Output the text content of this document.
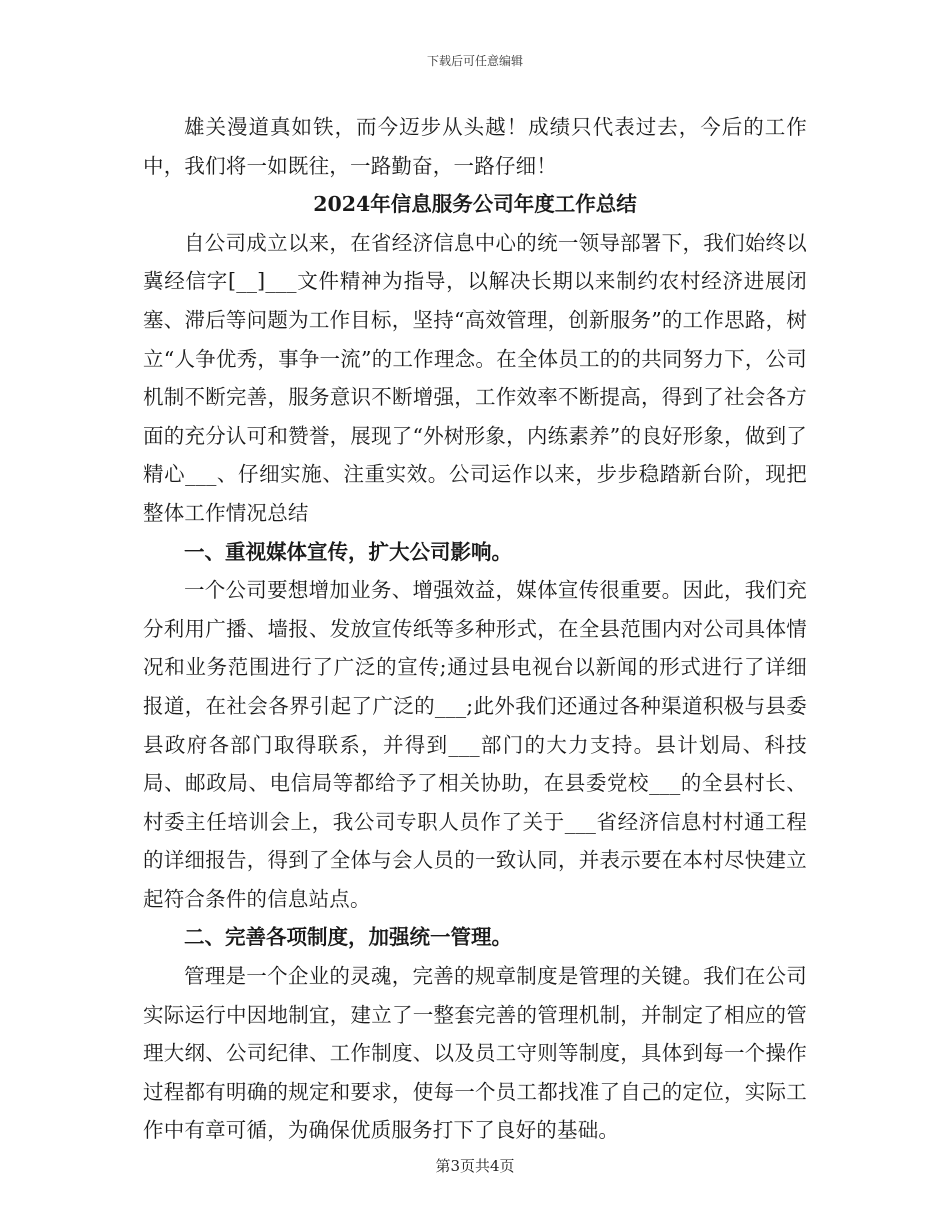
下载后可任意编辑

雄关漫道真如铁，而今迈步从头越！成绩只代表过去，今后的工作中，我们将一如既往，一路勤奋，一路仔细！

2024年信息服务公司年度工作总结

自公司成立以来，在省经济信息中心的统一领导部署下，我们始终以冀经信字[__]___文件精神为指导，以解决长期以来制约农村经济进展闭塞、滞后等问题为工作目标，坚持“高效管理，创新服务”的工作思路，树立“人争优秀，事争一流”的工作理念。在全体员工的的共同努力下，公司机制不断完善，服务意识不断增强，工作效率不断提高，得到了社会各方面的充分认可和赞誉，展现了“外树形象，内练素养”的良好形象，做到了精心___、仔细实施、注重实效。公司运作以来，步步稳踏新台阶，现把整体工作情况总结

一、重视媒体宣传，扩大公司影响。

一个公司要想增加业务、增强效益，媒体宣传很重要。因此，我们充分利用广播、墙报、发放宣传纸等多种形式，在全县范围内对公司具体情况和业务范围进行了广泛的宣传;通过县电视台以新闻的形式进行了详细报道，在社会各界引起了广泛的___;此外我们还通过各种渠道积极与县委县政府各部门取得联系，并得到___部门的大力支持。县计划局、科技局、邮政局、电信局等都给予了相关协助，在县委党校___的全县村长、村委主任培训会上，我公司专职人员作了关于___省经济信息村村通工程的详细报告，得到了全体与会人员的一致认同，并表示要在本村尽快建立起符合条件的信息站点。

二、完善各项制度，加强统一管理。

管理是一个企业的灵魂，完善的规章制度是管理的关键。我们在公司实际运行中因地制宜，建立了一整套完善的管理机制，并制定了相应的管理大纲、公司纪律、工作制度、以及员工守则等制度，具体到每一个操作过程都有明确的规定和要求，使每一个员工都找准了自己的定位，实际工作中有章可循，为确保优质服务打下了良好的基础。

第3页共4页
